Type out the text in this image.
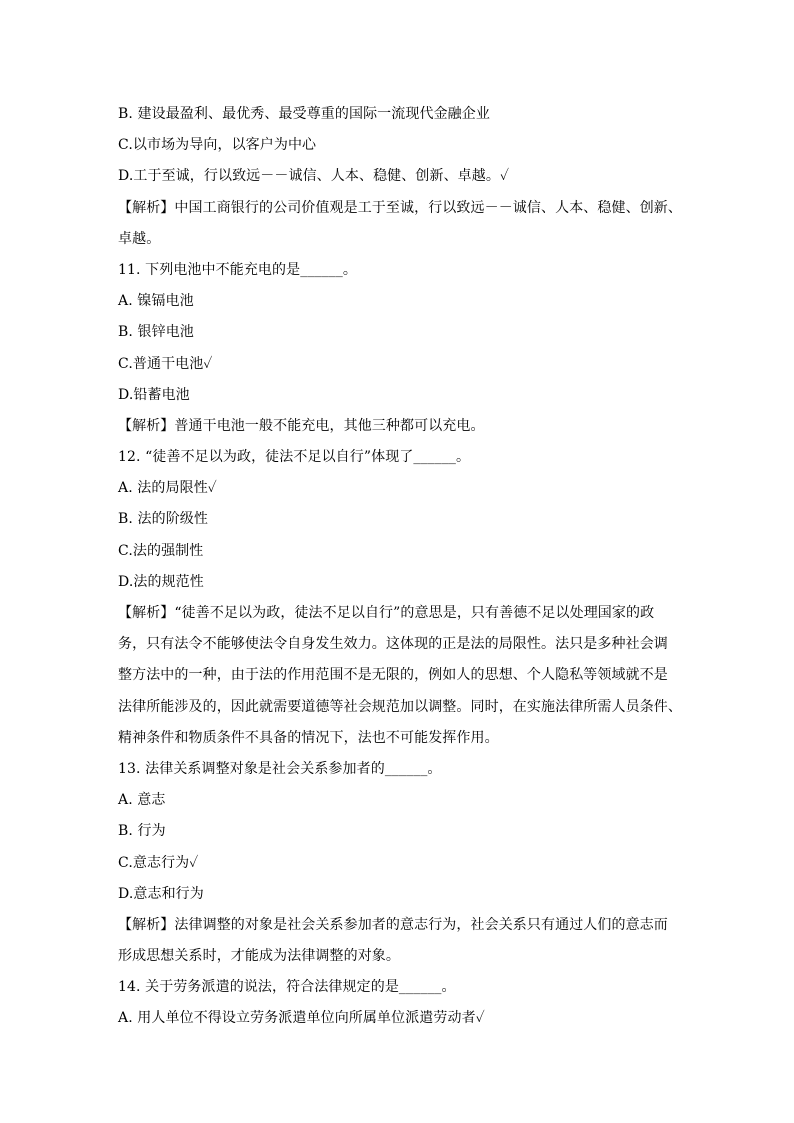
B. 建设最盈利、最优秀、最受尊重的国际一流现代金融企业
C.以市场为导向，以客户为中心
D.工于至诚，行以致远－－诚信、人本、稳健、创新、卓越。✓
【解析】中国工商银行的公司价值观是工于至诚，行以致远－－诚信、人本、稳健、创新、
卓越。
11. 下列电池中不能充电的是______。
A. 镍镉电池
B. 银锌电池
C.普通干电池✓
D.铅蓄电池
【解析】普通干电池一般不能充电，其他三种都可以充电。
12. “徒善不足以为政，徒法不足以自行”体现了______。
A. 法的局限性✓
B. 法的阶级性
C.法的强制性
D.法的规范性
【解析】“徒善不足以为政，徒法不足以自行”的意思是，只有善德不足以处理国家的政
务，只有法令不能够使法令自身发生效力。这体现的正是法的局限性。法只是多种社会调
整方法中的一种，由于法的作用范围不是无限的，例如人的思想、个人隐私等领域就不是
法律所能涉及的，因此就需要道德等社会规范加以调整。同时，在实施法律所需人员条件、
精神条件和物质条件不具备的情况下，法也不可能发挥作用。
13. 法律关系调整对象是社会关系参加者的______。
A. 意志
B. 行为
C.意志行为✓
D.意志和行为
【解析】法律调整的对象是社会关系参加者的意志行为，社会关系只有通过人们的意志而
形成思想关系时，才能成为法律调整的对象。
14. 关于劳务派遣的说法，符合法律规定的是______。
A. 用人单位不得设立劳务派遣单位向所属单位派遣劳动者✓
